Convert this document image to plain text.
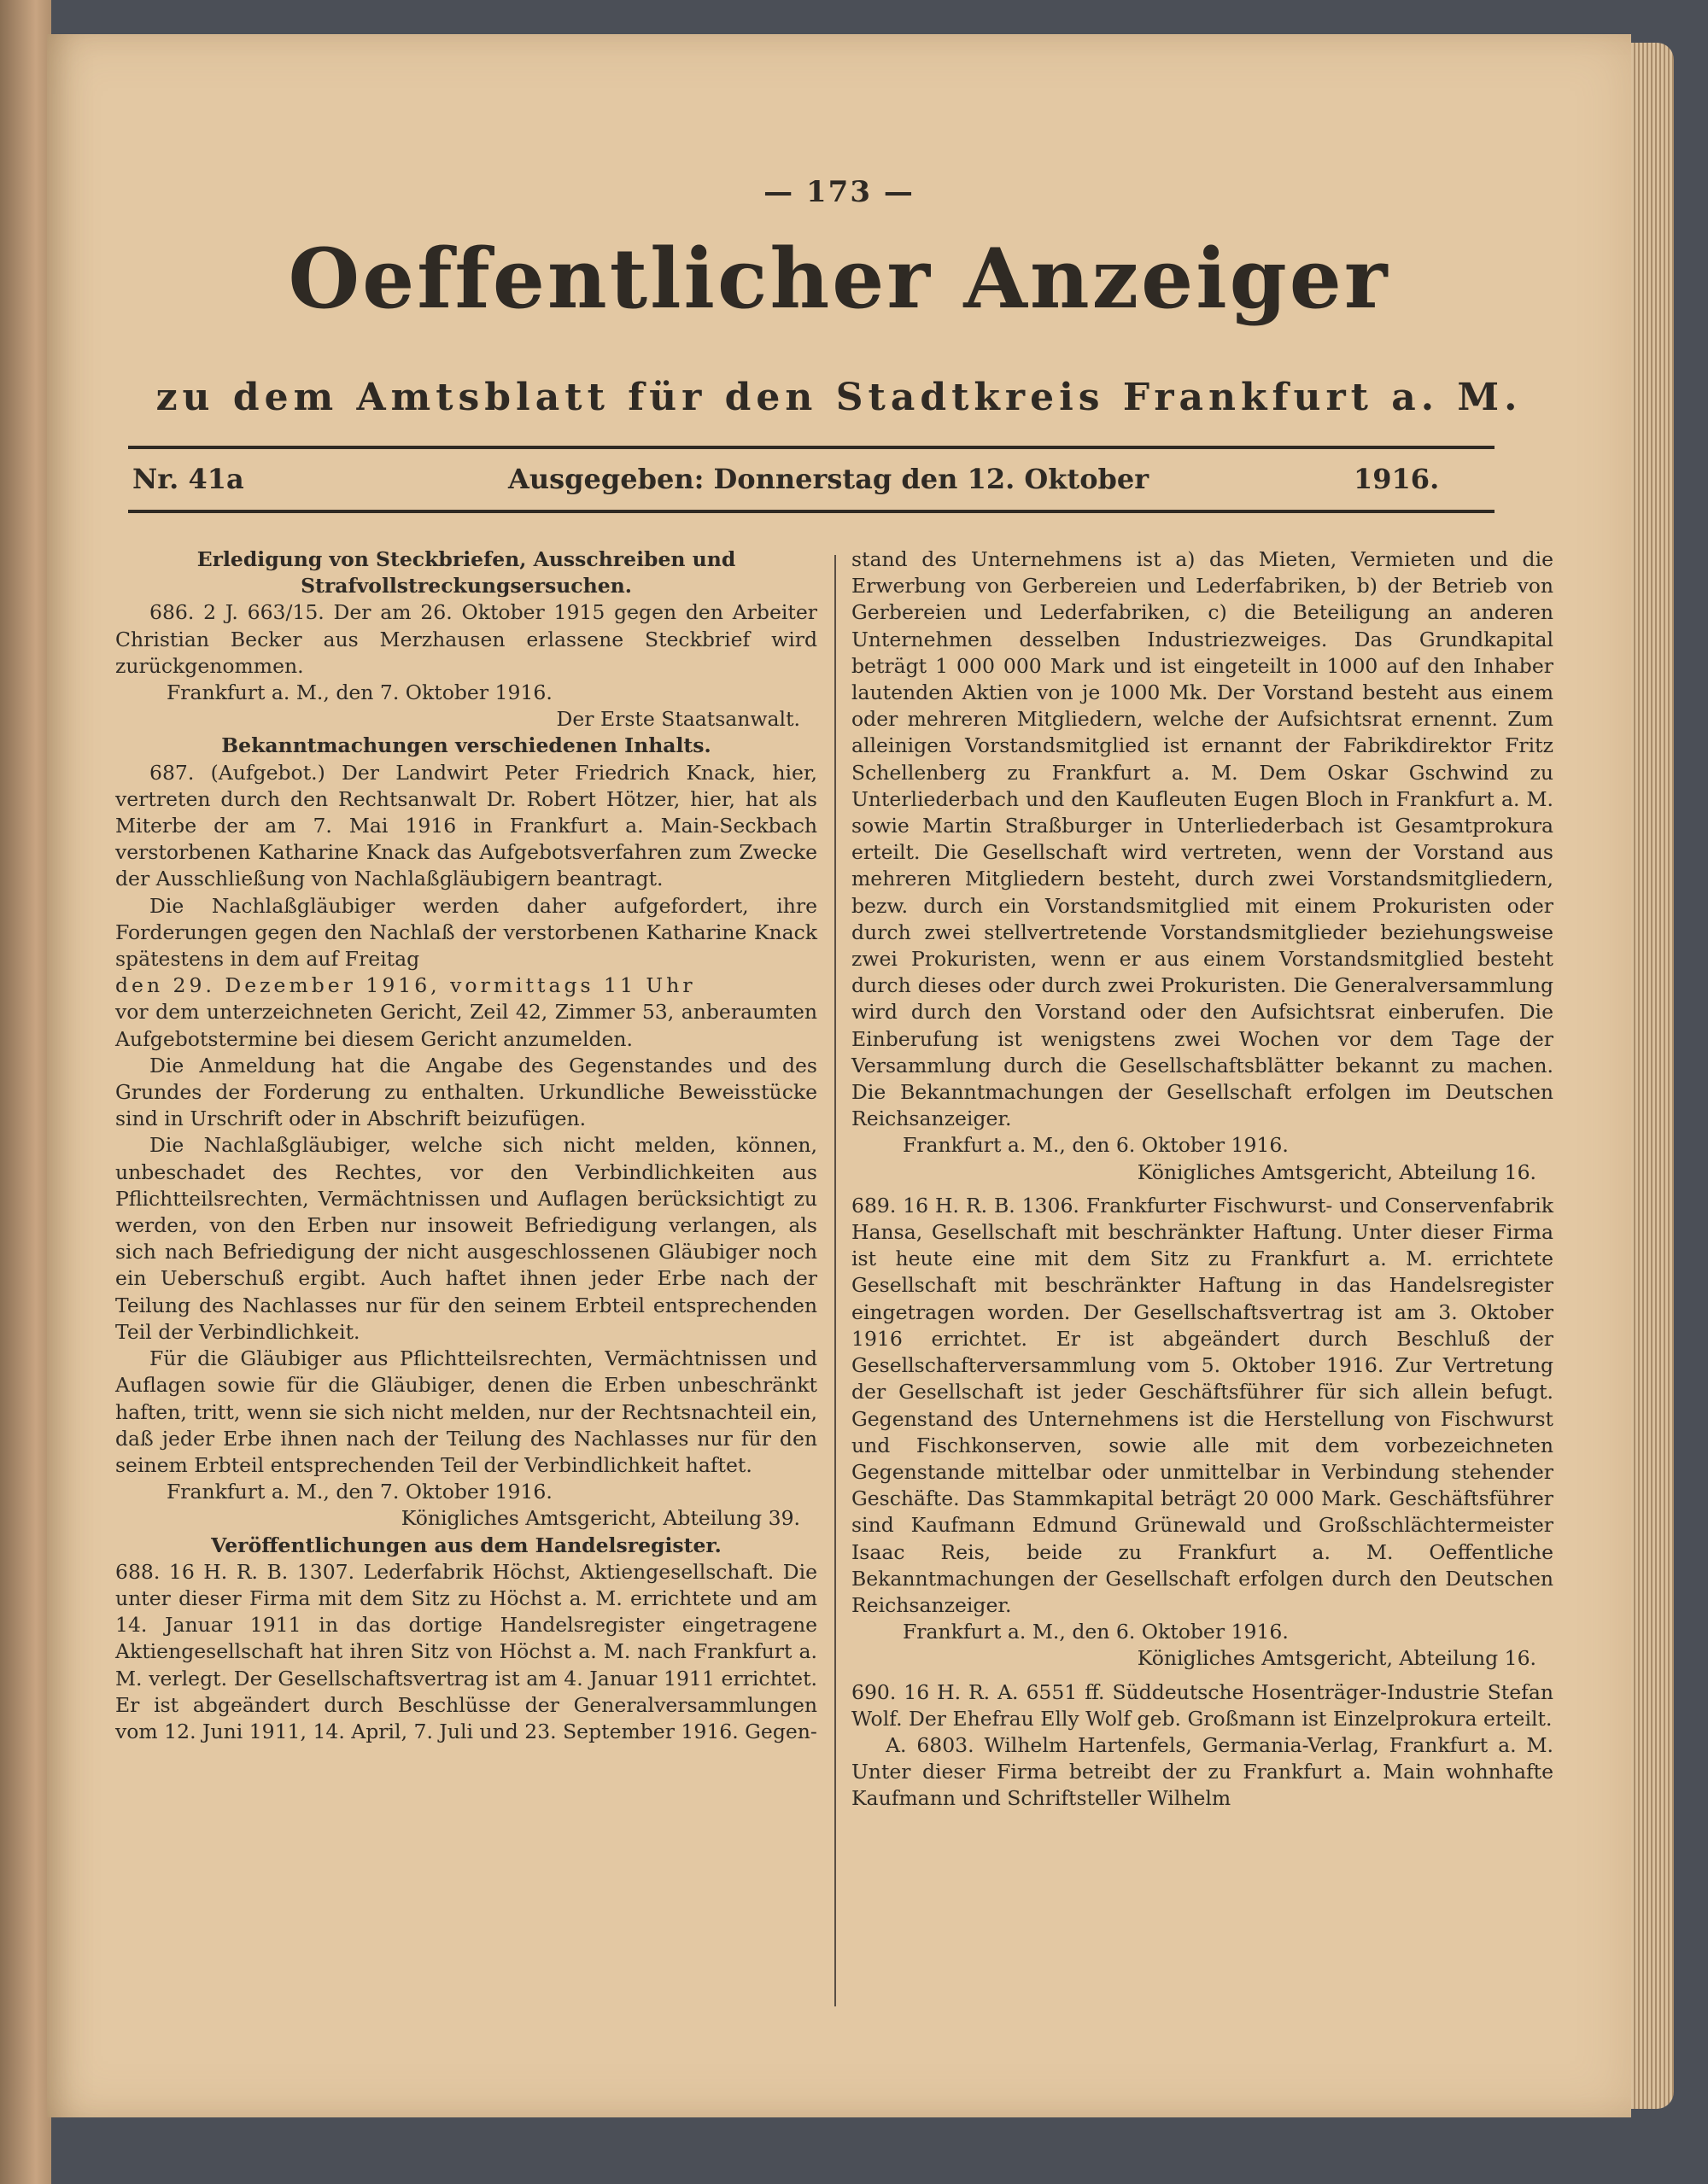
— 173 —
Oeffentlicher Anzeiger
zu dem Amtsblatt für den Stadtkreis Frankfurt a. M.
Nr. 41a	Ausgegeben: Donnerstag den 12. Oktober	1916.

Erledigung von Steckbriefen, Ausschreiben und Strafvollstreckungsersuchen.

686. 2 J. 663/15. Der am 26. Oktober 1915 gegen den Arbeiter Christian Becker aus Merzhausen erlassene Steckbrief wird zurückgenommen.

Frankfurt a. M., den 7. Oktober 1916.

Der Erste Staatsanwalt.

Bekanntmachungen verschiedenen Inhalts.

687. (Aufgebot.) Der Landwirt Peter Friedrich Knack, hier, vertreten durch den Rechtsanwalt Dr. Robert Hötzer, hier, hat als Miterbe der am 7. Mai 1916 in Frankfurt a. Main-Seckbach verstorbenen Katharine Knack das Aufgebotsverfahren zum Zwecke der Ausschließung von Nachlaßgläubigern beantragt.

Die Nachlaßgläubiger werden daher aufgefordert, ihre Forderungen gegen den Nachlaß der verstorbenen Katharine Knack spätestens in dem auf Freitag

den 29. Dezember 1916, vormittags 11 Uhr

vor dem unterzeichneten Gericht, Zeil 42, Zimmer 53, anberaumten Aufgebotstermine bei diesem Gericht anzumelden.

Die Anmeldung hat die Angabe des Gegenstandes und des Grundes der Forderung zu enthalten. Urkundliche Beweisstücke sind in Urschrift oder in Abschrift beizufügen.

Die Nachlaßgläubiger, welche sich nicht melden, können, unbeschadet des Rechtes, vor den Verbindlichkeiten aus Pflichtteilsrechten, Vermächtnissen und Auflagen berücksichtigt zu werden, von den Erben nur insoweit Befriedigung verlangen, als sich nach Befriedigung der nicht ausgeschlossenen Gläubiger noch ein Ueberschuß ergibt. Auch haftet ihnen jeder Erbe nach der Teilung des Nachlasses nur für den seinem Erbteil entsprechenden Teil der Verbindlichkeit.

Für die Gläubiger aus Pflichtteilsrechten, Vermächtnissen und Auflagen sowie für die Gläubiger, denen die Erben unbeschränkt haften, tritt, wenn sie sich nicht melden, nur der Rechtsnachteil ein, daß jeder Erbe ihnen nach der Teilung des Nachlasses nur für den seinem Erbteil entsprechenden Teil der Verbindlichkeit haftet.

Frankfurt a. M., den 7. Oktober 1916.

Königliches Amtsgericht, Abteilung 39.

Veröffentlichungen aus dem Handelsregister.

688. 16 H. R. B. 1307. Lederfabrik Höchst, Aktiengesellschaft. Die unter dieser Firma mit dem Sitz zu Höchst a. M. errichtete und am 14. Januar 1911 in das dortige Handelsregister eingetragene Aktiengesellschaft hat ihren Sitz von Höchst a. M. nach Frankfurt a. M. verlegt. Der Gesellschaftsvertrag ist am 4. Januar 1911 errichtet. Er ist abgeändert durch Beschlüsse der Generalversammlungen vom 12. Juni 1911, 14. April, 7. Juli und 23. September 1916. Gegen-

stand des Unternehmens ist a) das Mieten, Vermieten und die Erwerbung von Gerbereien und Lederfabriken, b) der Betrieb von Gerbereien und Lederfabriken, c) die Beteiligung an anderen Unternehmen desselben Industriezweiges. Das Grundkapital beträgt 1 000 000 Mark und ist eingeteilt in 1000 auf den Inhaber lautenden Aktien von je 1000 Mk. Der Vorstand besteht aus einem oder mehreren Mitgliedern, welche der Aufsichtsrat ernennt. Zum alleinigen Vorstandsmitglied ist ernannt der Fabrikdirektor Fritz Schellenberg zu Frankfurt a. M. Dem Oskar Gschwind zu Unterliederbach und den Kaufleuten Eugen Bloch in Frankfurt a. M. sowie Martin Straßburger in Unterliederbach ist Gesamtprokura erteilt. Die Gesellschaft wird vertreten, wenn der Vorstand aus mehreren Mitgliedern besteht, durch zwei Vorstandsmitgliedern, bezw. durch ein Vorstandsmitglied mit einem Prokuristen oder durch zwei stellvertretende Vorstandsmitglieder beziehungsweise zwei Prokuristen, wenn er aus einem Vorstandsmitglied besteht durch dieses oder durch zwei Prokuristen. Die Generalversammlung wird durch den Vorstand oder den Aufsichtsrat einberufen. Die Einberufung ist wenigstens zwei Wochen vor dem Tage der Versammlung durch die Gesellschaftsblätter bekannt zu machen. Die Bekanntmachungen der Gesellschaft erfolgen im Deutschen Reichsanzeiger.

Frankfurt a. M., den 6. Oktober 1916.

Königliches Amtsgericht, Abteilung 16.

689. 16 H. R. B. 1306. Frankfurter Fischwurst- und Conservenfabrik Hansa, Gesellschaft mit beschränkter Haftung. Unter dieser Firma ist heute eine mit dem Sitz zu Frankfurt a. M. errichtete Gesellschaft mit beschränkter Haftung in das Handelsregister eingetragen worden. Der Gesellschaftsvertrag ist am 3. Oktober 1916 errichtet. Er ist abgeändert durch Beschluß der Gesellschafterversammlung vom 5. Oktober 1916. Zur Vertretung der Gesellschaft ist jeder Geschäftsführer für sich allein befugt. Gegenstand des Unternehmens ist die Herstellung von Fischwurst und Fischkonserven, sowie alle mit dem vorbezeichneten Gegenstande mittelbar oder unmittelbar in Verbindung stehender Geschäfte. Das Stammkapital beträgt 20 000 Mark. Geschäftsführer sind Kaufmann Edmund Grünewald und Großschlächtermeister Isaac Reis, beide zu Frankfurt a. M. Oeffentliche Bekanntmachungen der Gesellschaft erfolgen durch den Deutschen Reichsanzeiger.

Frankfurt a. M., den 6. Oktober 1916.

Königliches Amtsgericht, Abteilung 16.

690. 16 H. R. A. 6551 ff. Süddeutsche Hosenträger-Industrie Stefan Wolf. Der Ehefrau Elly Wolf geb. Großmann ist Einzelprokura erteilt.

A. 6803. Wilhelm Hartenfels, Germania-Verlag, Frankfurt a. M. Unter dieser Firma betreibt der zu Frankfurt a. Main wohnhafte Kaufmann und Schriftsteller Wilhelm
